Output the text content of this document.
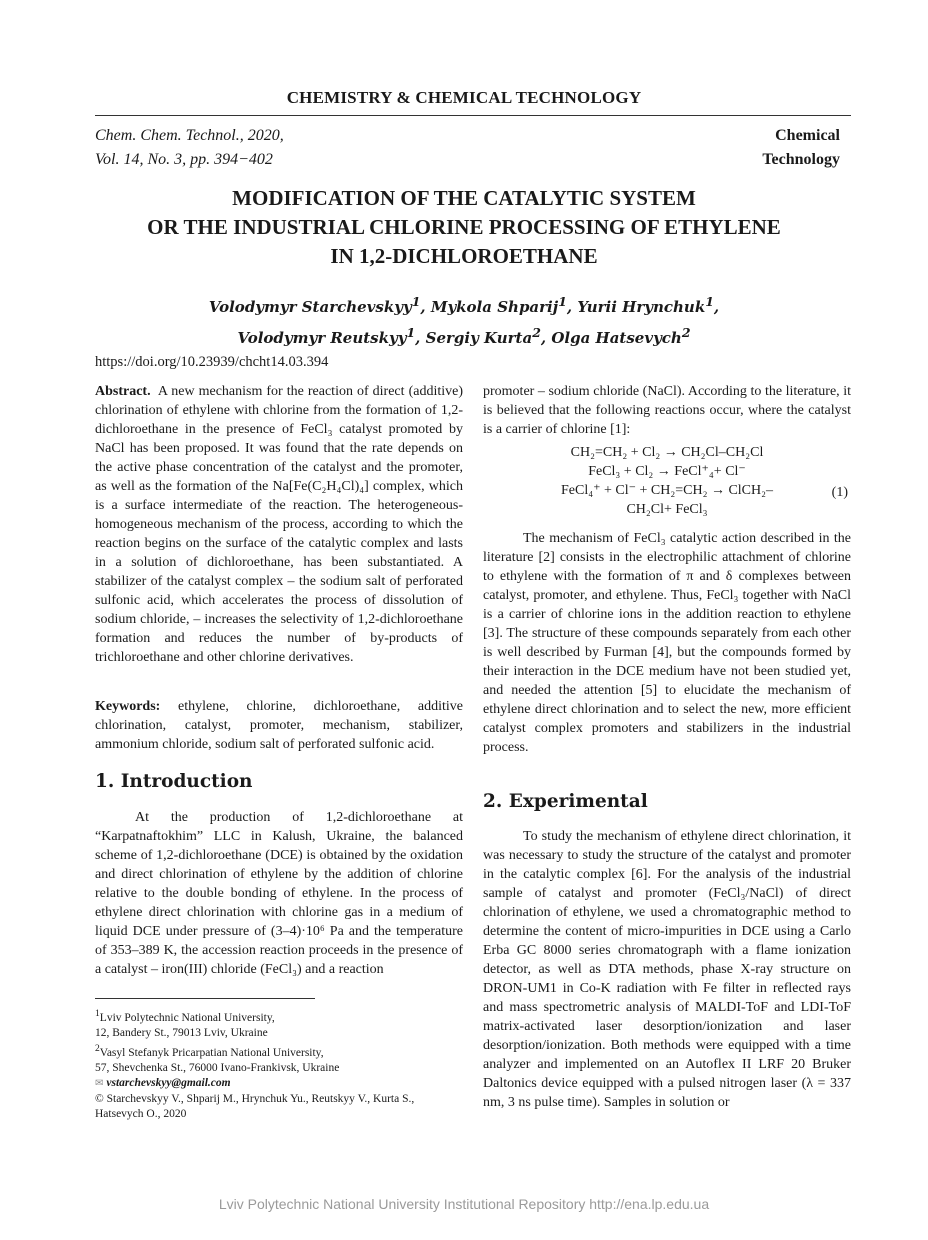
CHEMISTRY & CHEMICAL TECHNOLOGY
Chem. Chem. Technol., 2020,
Vol. 14, No. 3, pp. 394−402
Chemical
Technology
MODIFICATION OF THE CATALYTIC SYSTEM
OR THE INDUSTRIAL CHLORINE PROCESSING OF ETHYLENE
IN 1,2-DICHLOROETHANE
Volodymyr Starchevskyy$^1$, Mykola Shparij$^1$, Yurii Hrynchuk$^1$,
Volodymyr Reutskyy$^1$, Sergiy Kurta$^2$, Olga Hatsevych$^2$
https://doi.org/10.23939/chcht14.03.394

Abstract. A new mechanism for the reaction of direct (additive) chlorination of ethylene with chlorine from the formation of 1,2-dichloroethane in the presence of FeCl₃ catalyst promoted by NaCl has been proposed. It was found that the rate depends on the active phase concentration of the catalyst and the promoter, as well as the formation of the Na[Fe(C₂H₄Cl)₄] complex, which is a surface intermediate of the reaction. The heterogeneous-homogeneous mechanism of the process, according to which the reaction begins on the surface of the catalytic complex and lasts in a solution of dichloroethane, has been substantiated. A stabilizer of the catalyst complex – the sodium salt of perforated sulfonic acid, which accelerates the process of dissolution of sodium chloride, – increases the selectivity of 1,2-dichloroethane formation and reduces the number of by-products of trichloroethane and other chlorine derivatives.

Keywords: ethylene, chlorine, dichloroethane, additive chlorination, catalyst, promoter, mechanism, stabilizer, ammonium chloride, sodium salt of perforated sulfonic acid.

1. Introduction

At the production of 1,2-dichloroethane at “Karpatnaftokhim” LLC in Kalush, Ukraine, the balanced scheme of 1,2-dichloroethane (DCE) is obtained by the oxidation and direct chlorination of ethylene by the addition of chlorine relative to the double bonding of ethylene. In the process of ethylene direct chlorination with chlorine gas in a medium of liquid DCE under pressure of (3–4)·10⁶ Pa and the temperature of 353–389 K, the accession reaction proceeds in the presence of a catalyst – iron(III) chloride (FeCl₃) and a reaction

$^1$Lviv Polytechnic National University,
12, Bandery St., 79013 Lviv, Ukraine
$^2$Vasyl Stefanyk Pricarpatian National University,
57, Shevchenka St., 76000 Ivano-Frankivsk, Ukraine
✉ vstarchevskyy@gmail.com
© Starchevskyy V., Shparij M., Hrynchuk Yu., Reutskyy V., Kurta S., Hatsevych O., 2020

promoter – sodium chloride (NaCl). According to the literature, it is believed that the following reactions occur, where the catalyst is a carrier of chlorine [1]:

CH₂=CH₂ + Cl₂ → CH₂Cl–CH₂Cl
FeCl₃ + Cl₂ → FeCl⁺₄+ Cl⁻
FeCl₄⁺ + Cl⁻ + CH₂=CH₂ → ClCH₂–
CH₂Cl+ FeCl₃
(1)

The mechanism of FeCl₃ catalytic action described in the literature [2] consists in the electrophilic attachment of chlorine to ethylene with the formation of π and δ complexes between catalyst, promoter, and ethylene. Thus, FeCl₃ together with NaCl is a carrier of chlorine ions in the addition reaction to ethylene [3]. The structure of these compounds separately from each other is well described by Furman [4], but the compounds formed by their interaction in the DCE medium have not been studied yet, and needed the attention [5] to elucidate the mechanism of ethylene direct chlorination and to select the new, more efficient catalyst complex promoters and stabilizers in the industrial process.

2. Experimental

To study the mechanism of ethylene direct chlorination, it was necessary to study the structure of the catalyst and promoter in the catalytic complex [6]. For the analysis of the industrial sample of catalyst and promoter (FeCl₃/NaCl) of direct chlorination of ethylene, we used a chromatographic method to determine the content of micro-impurities in DCE using a Carlo Erba GC 8000 series chromatograph with a flame ionization detector, as well as DTA methods, phase X-ray structure on DRON-UM1 in Co-K radiation with Fe filter in reflected rays and mass spectrometric analysis of MALDI-ToF and LDI-ToF matrix-activated laser desorption/ionization and laser desorption/ionization. Both methods were equipped with a time analyzer and implemented on an Autoflex II LRF 20 Bruker Daltonics device equipped with a pulsed nitrogen laser (λ = 337 nm, 3 ns pulse time). Samples in solution or

Lviv Polytechnic National University Institutional Repository http://ena.lp.edu.ua
